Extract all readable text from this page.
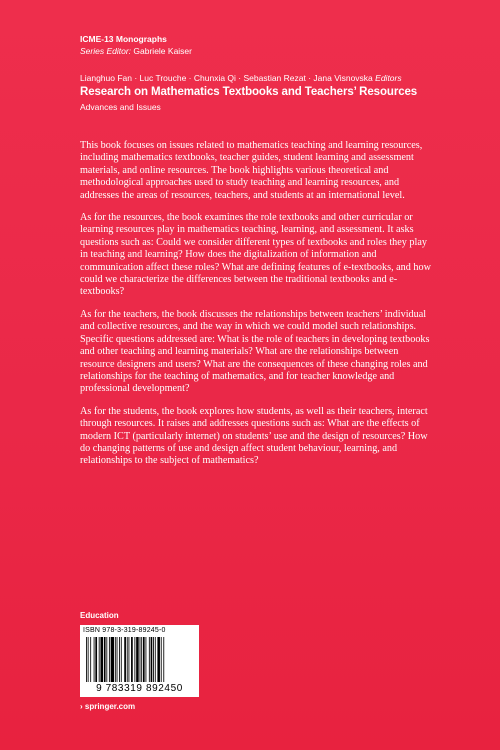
ICME-13 Monographs
Series Editor: Gabriele Kaiser
Lianghuo Fan · Luc Trouche · Chunxia Qi · Sebastian Rezat · Jana Visnovska Editors
Research on Mathematics Textbooks and Teachers’ Resources
Advances and Issues

This book focuses on issues related to mathematics teaching and learning resources, including mathematics textbooks, teacher guides, student learning and assessment materials, and online resources. The book highlights various theoretical and methodological approaches used to study teaching and learning resources, and addresses the areas of resources, teachers, and students at an international level.

As for the resources, the book examines the role textbooks and other curricular or learning resources play in mathematics teaching, learning, and assessment. It asks questions such as: Could we consider different types of textbooks and roles they play in teaching and learning? How does the digitalization of information and communication affect these roles? What are defining features of e-textbooks, and how could we characterize the differences between the traditional textbooks and e-textbooks?

As for the teachers, the book discusses the relationships between teachers’ individual and collective resources, and the way in which we could model such relationships. Specific questions addressed are: What is the role of teachers in developing textbooks and other teaching and learning materials? What are the relationships between resource designers and users? What are the consequences of these changing roles and relationships for the teaching of mathematics, and for teacher knowledge and professional development?

As for the students, the book explores how students, as well as their teachers, interact through resources. It raises and addresses questions such as: What are the effects of modern ICT (particularly internet) on students’ use and the design of resources? How do changing patterns of use and design affect student behaviour, learning, and relationships to the subject of mathematics?

Education
ISBN 978-3-319-89245-0
9 783319 892450
› springer.com
